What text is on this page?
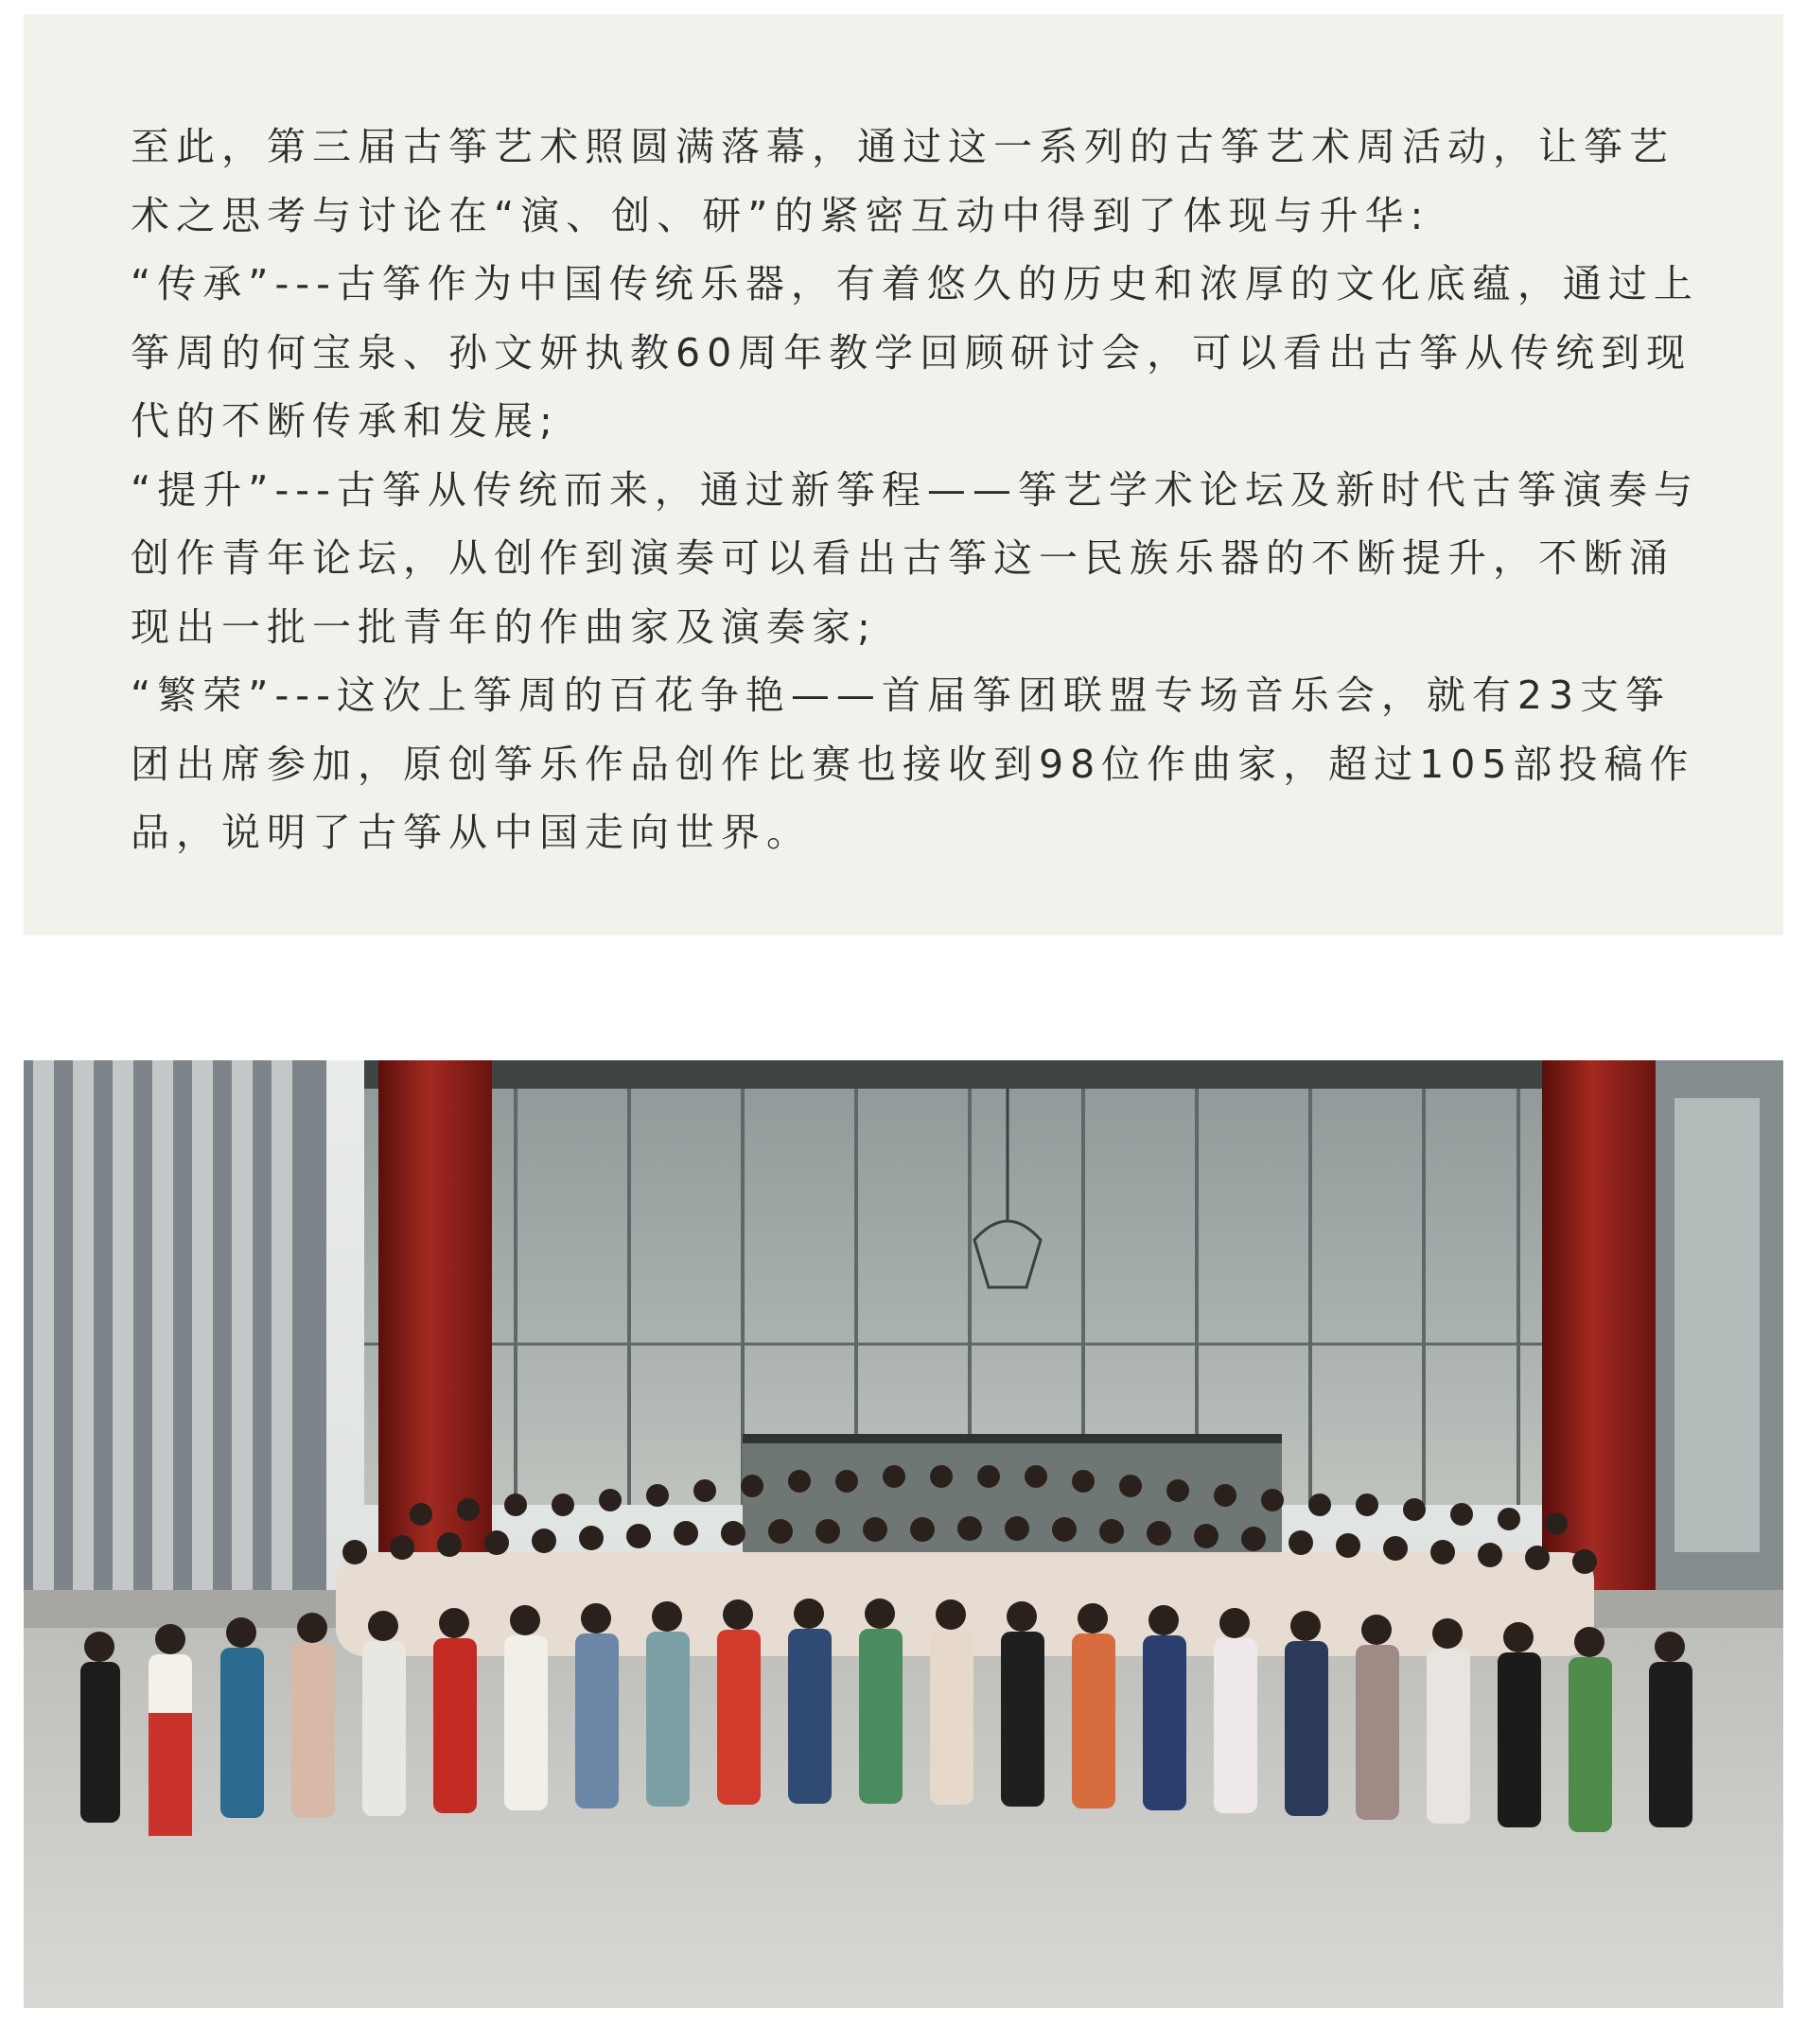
至此，第三届古筝艺术照圆满落幕，通过这一系列的古筝艺术周活动，让筝艺术之思考与讨论在“演、创、研”的紧密互动中得到了体现与升华:

“传承”---古筝作为中国传统乐器，有着悠久的历史和浓厚的文化底蕴，通过上筝周的何宝泉、孙文妍执教60周年教学回顾研讨会，可以看出古筝从传统到现代的不断传承和发展;

“提升”---古筝从传统而来，通过新筝程——筝艺学术论坛及新时代古筝演奏与创作青年论坛，从创作到演奏可以看出古筝这一民族乐器的不断提升，不断涌现出一批一批青年的作曲家及演奏家;

“繁荣”---这次上筝周的百花争艳——首届筝团联盟专场音乐会，就有23支筝团出席参加，原创筝乐作品创作比赛也接收到98位作曲家，超过105部投稿作品，说明了古筝从中国走向世界。
